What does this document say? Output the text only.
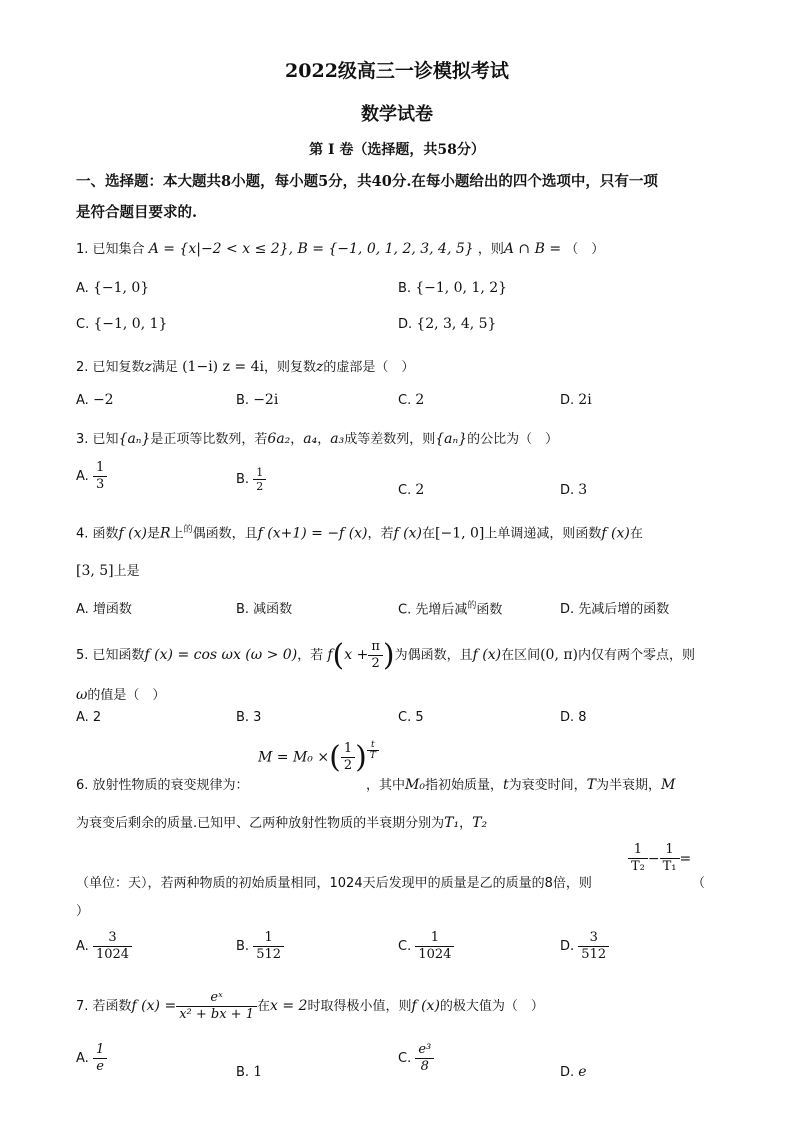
2022级高三一诊模拟考试
数学试卷
第 I 卷（选择题，共58分）
一、选择题：本大题共8小题，每小题5分，共40分.在每小题给出的四个选项中，只有一项
是符合题目要求的.
1. 已知集合 A = {x|−2 < x ≤ 2}, B = {−1, 0, 1, 2, 3, 4, 5} ，则A ∩ B = （　）
A. {−1, 0}	B. {−1, 0, 1, 2}
C. {−1, 0, 1}	D. {2, 3, 4, 5}
2. 已知复数z满足 (1−i) z = 4i，则复数z的虚部是（　）
A. −2	B. −2i	C. 2	D. 2i
3. 已知{aₙ}是正项等比数列，若6a₂，a₄，a₃成等差数列，则{aₙ}的公比为（　）
A. $\frac{1}{3}$	B. $\frac{1}{2}$	C. 2	D. 3
4. 函数f (x)是R上$^的$偶函数，且f (x+1) = −f (x)，若f (x)在[−1, 0]上单调递减，则函数f (x)在
[3, 5]上是
A. 增函数	B. 减函数	C. 先增后减$^的$函数	D. 先减后增的函数
5. 已知函数f (x) = cos ωx (ω > 0)，若 $f(x + \frac{\pi}{2}$ )为偶函数，且f (x)在区间(0, π)内仅有两个零点，则
ω的值是（　）
A. 2	B. 3	C. 5	D. 8
M = M₀ ×( $\frac{1}{2}$ ) $\frac{t}{T}$
6. 放射性物质的衰变规律为：	，其中M₀指初始质量，t为衰变时间，T为半衰期，M
为衰变后剩余的质量.已知甲、乙两种放射性物质的半衰期分别为T₁，T₂
$\frac{1}{\text{T₂}} - \frac{1}{\text{T₁}}$ =
（单位：天），若两种物质的初始质量相同，1024天后发现甲的质量是乙的质量的8倍，则	（
）
A. $\frac{3}{1024}$	B. $\frac{1}{512}$	C. $\frac{1}{1024}$	D. $\frac{3}{512}$
7. 若函数f $(x) = \frac{\text{eˣ}}{\text{x² + bx + 1}}$ 在x = 2时取得极小值，则f (x)的极大值为（　）
A. $\frac{1}{e}$	B. 1
C. $\frac{\text{e³}}{8}$	D. e
